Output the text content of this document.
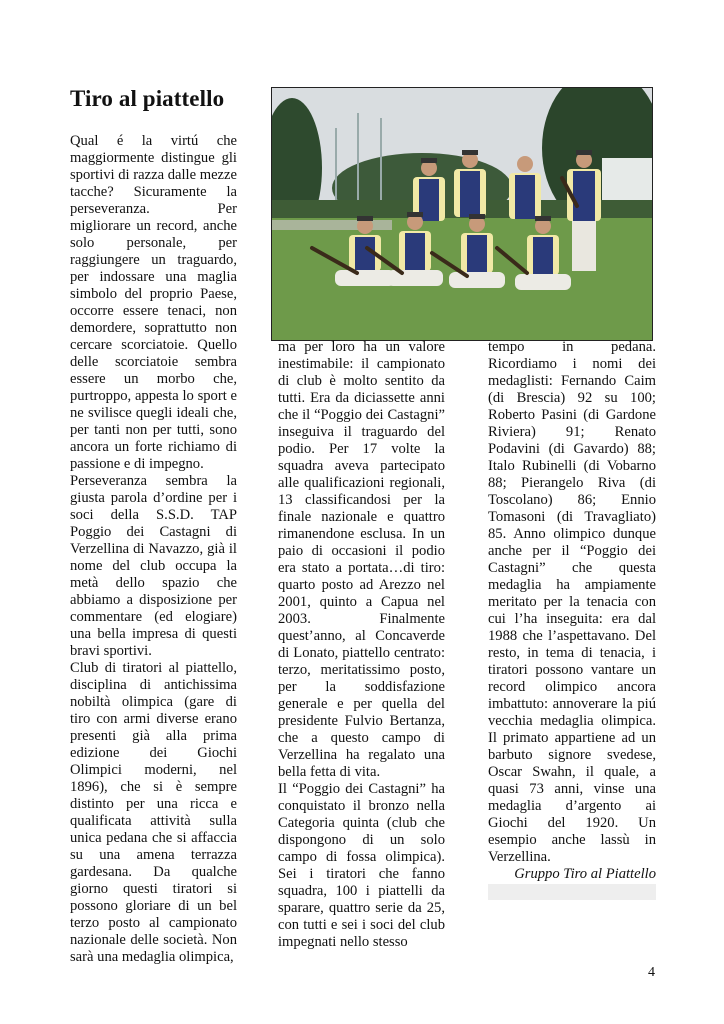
Tiro al piattello

Qual é la virtú che maggiormente distingue gli sportivi di razza dalle mezze tacche? Sicuramente la perseveranza. Per migliorare un record, anche solo personale, per raggiungere un traguardo, per indossare una maglia simbolo del proprio Paese, occorre essere tenaci, non demordere, soprattutto non cercare scorciatoie. Quello delle scorciatoie sembra essere un morbo che, purtroppo, appesta lo sport e ne svilisce quegli ideali che, per tanti non per tutti, sono ancora un forte richiamo di passione e di impegno.

Perseveranza sembra la giusta parola d’ordine per i soci della S.S.D. TAP Poggio dei Castagni di Verzellina di Navazzo, già il nome del club occupa la metà dello spazio che abbiamo a disposizione per commentare (ed elogiare) una bella impresa di questi bravi sportivi.

Club di tiratori al piattello, disciplina di antichissima nobiltà olimpica (gare di tiro con armi diverse erano presenti già alla prima edizione dei Giochi Olimpici moderni, nel 1896), che si è sempre distinto per una ricca e qualificata attività sulla unica pedana che si affaccia su una amena terrazza gardesana. Da qualche giorno questi tiratori si possono gloriare di un bel terzo posto al campionato nazionale delle società. Non sarà una medaglia olimpica,

ma per loro ha un valore inestimabile: il campionato di club è molto sentito da tutti. Era da diciassette anni che il “Poggio dei Castagni” inseguiva il traguardo del podio. Per 17 volte la squadra aveva partecipato alle qualificazioni regionali, 13 classificandosi per la finale nazionale e quattro rimanendone esclusa. In un paio di occasioni il podio era stato a portata…di tiro: quarto posto ad Arezzo nel 2001, quinto a Capua nel 2003. Finalmente quest’anno, al Concaverde di Lonato, piattello centrato: terzo, meritatissimo posto, per la soddisfazione generale e per quella del presidente Fulvio Bertanza, che a questo campo di Verzellina ha regalato una bella fetta di vita.

Il “Poggio dei Castagni” ha conquistato il bronzo nella Categoria quinta (club che dispongono di un solo campo di fossa olimpica). Sei i tiratori che fanno squadra, 100 i piattelli da sparare, quattro serie da 25, con tutti e sei i soci del club impegnati nello stesso

tempo in pedana. Ricordiamo i nomi dei medaglisti: Fernando Caim (di Brescia) 92 su 100; Roberto Pasini (di Gardone Riviera) 91; Renato Podavini (di Gavardo) 88; Italo Rubinelli (di Vobarno 88; Pierangelo Riva (di Toscolano) 86; Ennio Tomasoni (di Travagliato) 85. Anno olimpico dunque anche per il “Poggio dei Castagni” che questa medaglia ha ampiamente meritato per la tenacia con cui l’ha inseguita: era dal 1988 che l’aspettavano. Del resto, in tema di tenacia, i tiratori possono vantare un record olimpico ancora imbattuto: annoverare la piú vecchia medaglia olimpica. Il primato appartiene ad un barbuto signore svedese, Oscar Swahn, il quale, a quasi 73 anni, vinse una medaglia d’argento ai Giochi del 1920. Un esempio anche lassù in Verzellina.

Gruppo Tiro al Piattello

4
